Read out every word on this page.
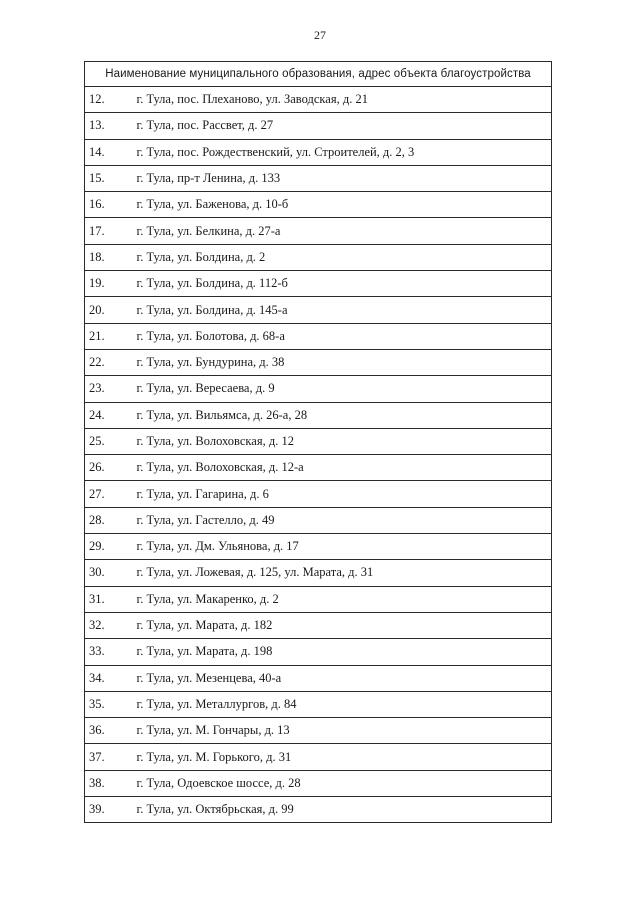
27
Наименование муниципального образования, адрес объекта благоустройства	
12.	г. Тула, пос. Плеханово, ул. Заводская, д. 21
13.	г. Тула, пос. Рассвет, д. 27
14.	г. Тула, пос. Рождественский, ул. Строителей, д. 2, 3
15.	г. Тула, пр-т Ленина, д. 133
16.	г. Тула, ул. Баженова, д. 10-б
17.	г. Тула, ул. Белкина, д. 27-а
18.	г. Тула, ул. Болдина, д. 2
19.	г. Тула, ул. Болдина, д. 112-б
20.	г. Тула, ул. Болдина, д. 145-а
21.	г. Тула, ул. Болотова, д. 68-а
22.	г. Тула, ул. Бундурина, д. 38
23.	г. Тула, ул. Вересаева, д. 9
24.	г. Тула, ул. Вильямса, д. 26-а, 28
25.	г. Тула, ул. Волоховская, д. 12
26.	г. Тула, ул. Волоховская, д. 12-а
27.	г. Тула, ул. Гагарина, д. 6
28.	г. Тула, ул. Гастелло, д. 49
29.	г. Тула, ул. Дм. Ульянова, д. 17
30.	г. Тула, ул. Ложевая, д. 125, ул. Марата, д. 31
31.	г. Тула, ул. Макаренко, д. 2
32.	г. Тула, ул. Марата, д. 182
33.	г. Тула, ул. Марата, д. 198
34.	г. Тула, ул. Мезенцева, 40-а
35.	г. Тула, ул. Металлургов, д. 84
36.	г. Тула, ул. М. Гончары, д. 13
37.	г. Тула, ул. М. Горького, д. 31
38.	г. Тула, Одоевское шоссе, д. 28
39.	г. Тула, ул. Октябрьская, д. 99
